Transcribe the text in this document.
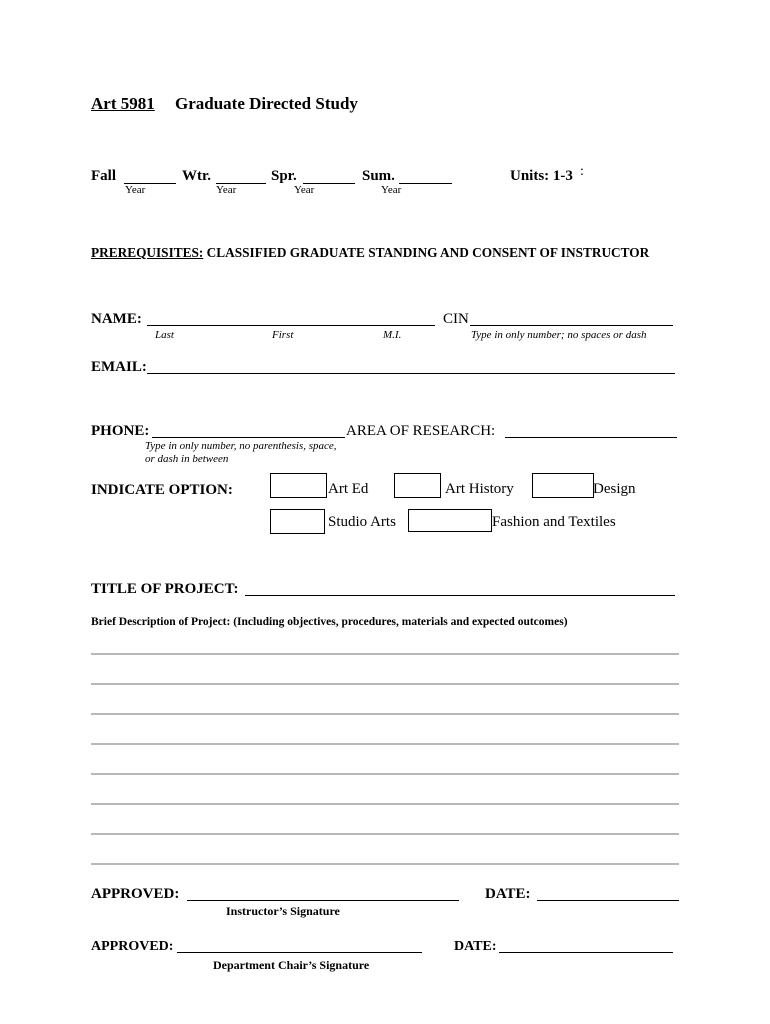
Art 5981 Graduate Directed Study
Fall
Year
Wtr.
Year
Spr.
Year
Sum.
Year
Units: 1-3 :
PREREQUISITES: CLASSIFIED GRADUATE STANDING AND CONSENT OF INSTRUCTOR
NAME:
Last	First	M.I.
CIN
Type in only number; no spaces or dash
EMAIL:
PHONE:
Type in only number, no parenthesis, space,
or dash in between
AREA OF RESEARCH:
INDICATE OPTION:	Art Ed	Art History	Design
Studio Arts	Fashion and Textiles
TITLE OF PROJECT:
Brief Description of Project: (Including objectives, procedures, materials and expected outcomes)
APPROVED:
Instructor’s Signature
DATE:
APPROVED:
Department Chair’s Signature
DATE:
